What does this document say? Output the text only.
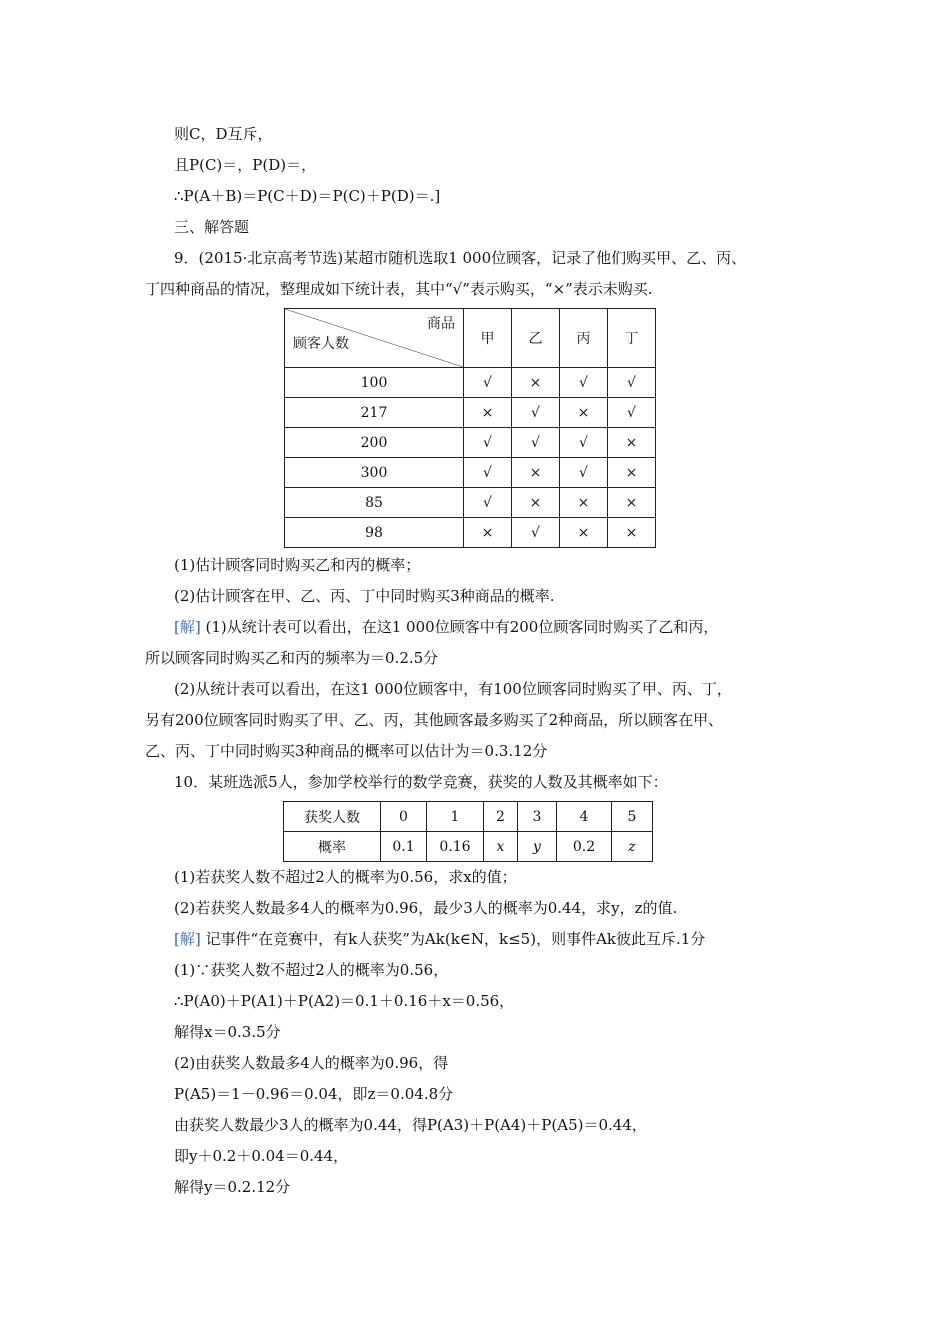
则C，D互斥，
且P(C)＝，P(D)＝，
∴P(A＋B)＝P(C＋D)＝P(C)＋P(D)＝.]
三、解答题
9．(2015·北京高考节选)某超市随机选取1 000位顾客，记录了他们购买甲、乙、丙、
丁四种商品的情况，整理成如下统计表，其中“√”表示购买，“×”表示未购买.
商品
顾客人数	甲	乙	丙	丁
100	√	×	√	√
217	×	√	×	√
200	√	√	√	×
300	√	×	√	×
85	√	×	×	×
98	×	√	×	×
(1)估计顾客同时购买乙和丙的概率；
(2)估计顾客在甲、乙、丙、丁中同时购买3种商品的概率.
[解] (1)从统计表可以看出，在这1 000位顾客中有200位顾客同时购买了乙和丙，
所以顾客同时购买乙和丙的频率为＝0.2.5分
(2)从统计表可以看出，在这1 000位顾客中，有100位顾客同时购买了甲、丙、丁，
另有200位顾客同时购买了甲、乙、丙，其他顾客最多购买了2种商品，所以顾客在甲、
乙、丙、丁中同时购买3种商品的概率可以估计为＝0.3.12分
10．某班选派5人，参加学校举行的数学竞赛，获奖的人数及其概率如下：
获奖人数	0	1	2	3	4	5
概率	0.1	0.16	x	y	0.2	z
(1)若获奖人数不超过2人的概率为0.56，求x的值；
(2)若获奖人数最多4人的概率为0.96，最少3人的概率为0.44，求y，z的值.
[解] 记事件“在竞赛中，有k人获奖”为Ak(k∈N，k≤5)，则事件Ak彼此互斥.1分
(1)∵获奖人数不超过2人的概率为0.56，
∴P(A0)＋P(A1)＋P(A2)＝0.1＋0.16＋x＝0.56，
解得x＝0.3.5分
(2)由获奖人数最多4人的概率为0.96，得
P(A5)＝1－0.96＝0.04，即z＝0.04.8分
由获奖人数最少3人的概率为0.44，得P(A3)＋P(A4)＋P(A5)＝0.44，
即y＋0.2＋0.04＝0.44，
解得y＝0.2.12分
